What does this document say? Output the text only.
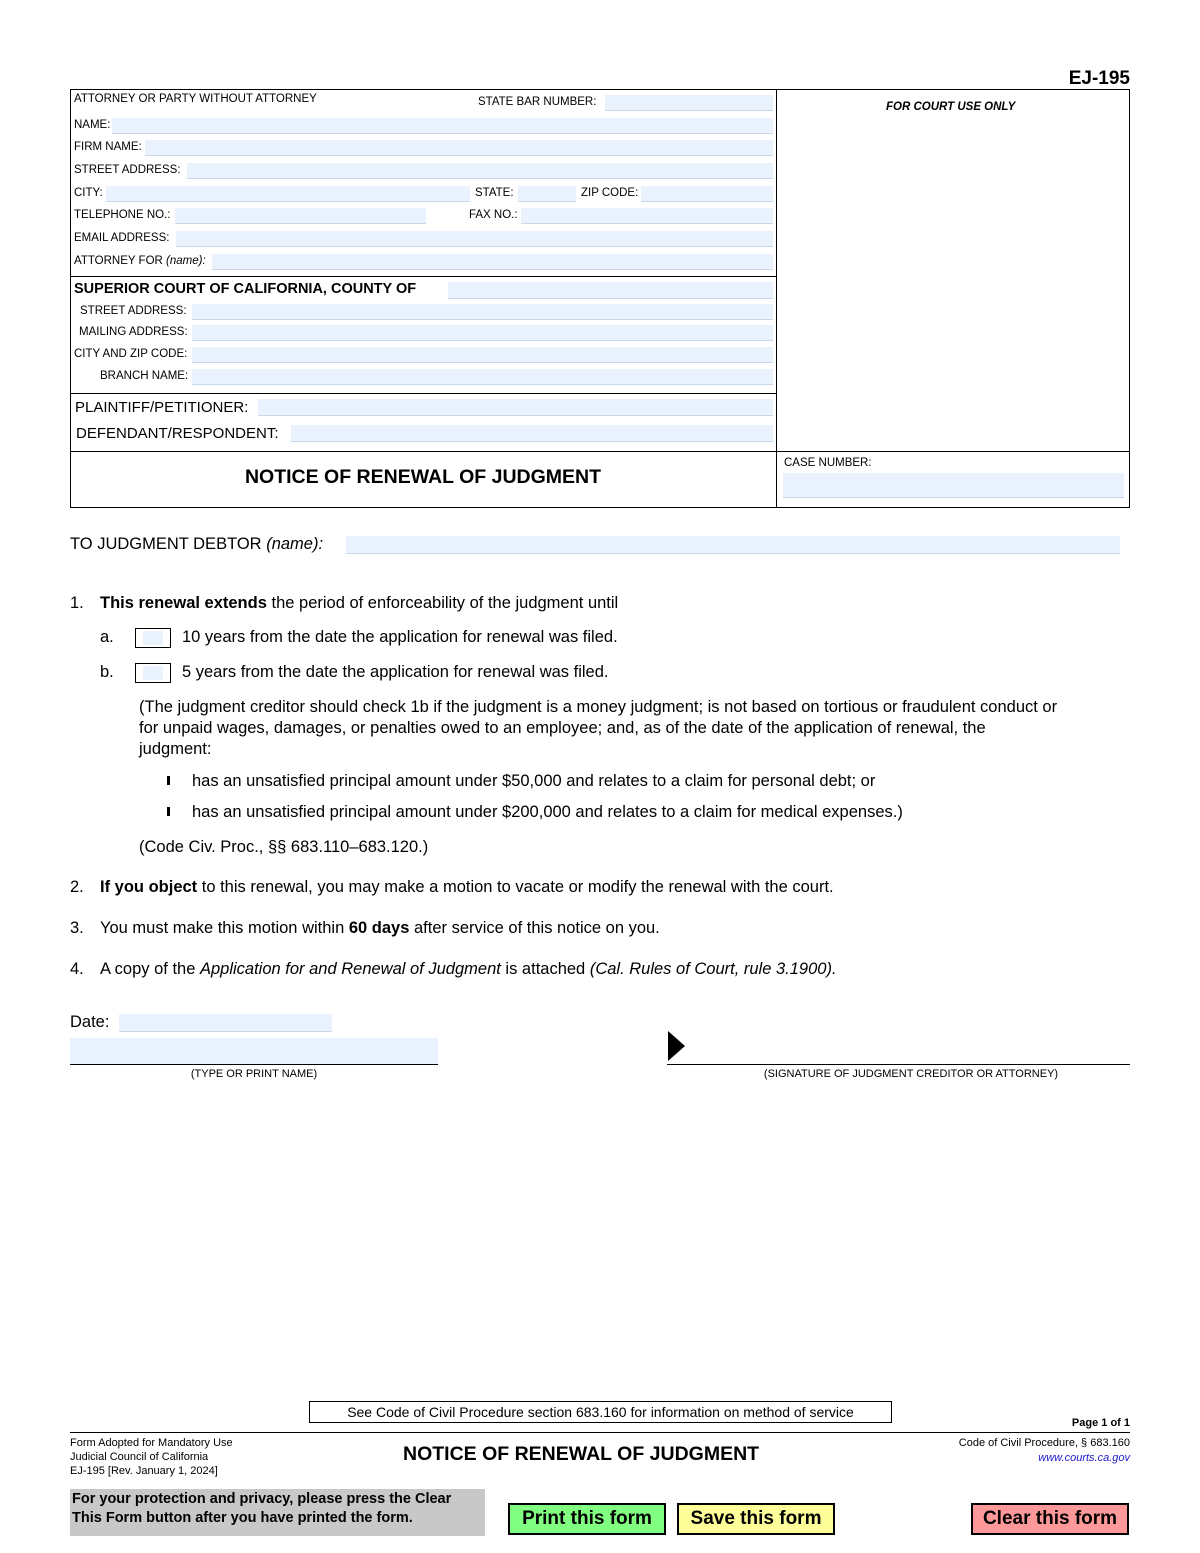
EJ-195
FOR COURT USE ONLY
ATTORNEY OR PARTY WITHOUT ATTORNEY	STATE BAR NUMBER:
NAME:
FIRM NAME:
STREET ADDRESS:
CITY:	STATE:	ZIP CODE:
TELEPHONE NO.:	FAX NO.:
EMAIL ADDRESS:
ATTORNEY FOR (name):
SUPERIOR COURT OF CALIFORNIA, COUNTY OF
STREET ADDRESS:
MAILING ADDRESS:
CITY AND ZIP CODE:
BRANCH NAME:
PLAINTIFF/PETITIONER:
DEFENDANT/RESPONDENT:
NOTICE OF RENEWAL OF JUDGMENT
CASE NUMBER:
TO JUDGMENT DEBTOR (name):
1. This renewal extends the period of enforceability of the judgment until
a.	10 years from the date the application for renewal was filed.
b.	5 years from the date the application for renewal was filed.
(The judgment creditor should check 1b if the judgment is a money judgment; is not based on tortious or fraudulent conduct or
for unpaid wages, damages, or penalties owed to an employee; and, as of the date of the application of renewal, the
judgment:
has an unsatisfied principal amount under $50,000 and relates to a claim for personal debt; or
has an unsatisfied principal amount under $200,000 and relates to a claim for medical expenses.)
(Code Civ. Proc., §§ 683.110–683.120.)
2. If you object to this renewal, you may make a motion to vacate or modify the renewal with the court.
3. You must make this motion within 60 days after service of this notice on you.
4. A copy of the Application for and Renewal of Judgment is attached (Cal. Rules of Court, rule 3.1900).
Date:
(TYPE OR PRINT NAME)	(SIGNATURE OF JUDGMENT CREDITOR OR ATTORNEY)
See Code of Civil Procedure section 683.160 for information on method of service
Page 1 of 1
Form Adopted for Mandatory Use
Judicial Council of California
EJ-195 [Rev. January 1, 2024]
NOTICE OF RENEWAL OF JUDGMENT	Code of Civil Procedure, § 683.160
www.courts.ca.gov
For your protection and privacy, please press the Clear
This Form button after you have printed the form.	Print this form	Save this form	Clear this form
